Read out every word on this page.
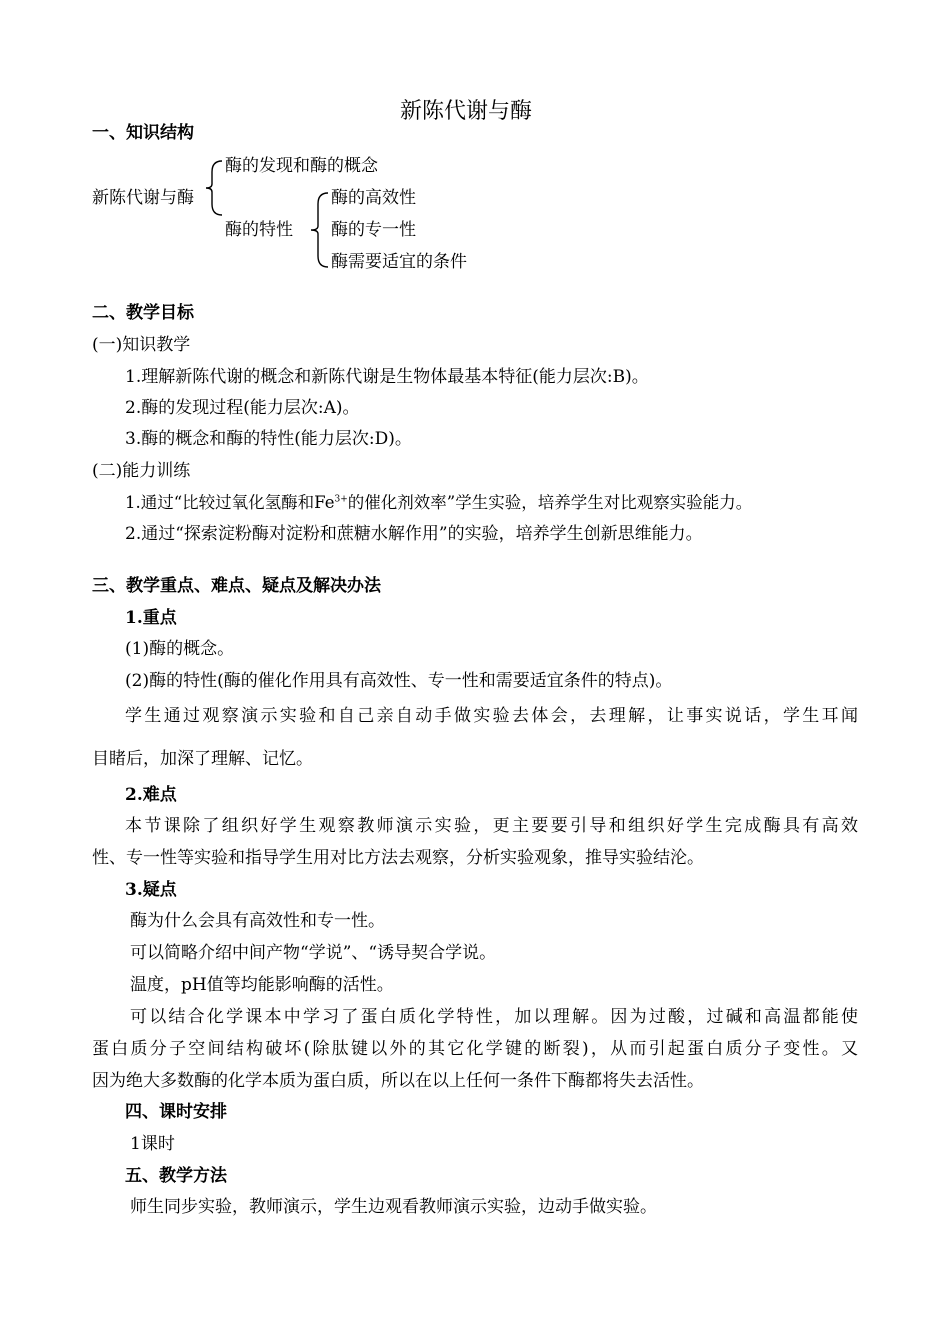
新陈代谢与酶
一、知识结构
新陈代谢与酶
酶的发现和酶的概念
酶的特性
酶的高效性
酶的专一性
酶需要适宜的条件
二、教学目标
(一)知识教学
1.理解新陈代谢的概念和新陈代谢是生物体最基本特征(能力层次:B)。
2.酶的发现过程(能力层次:A)。
3.酶的概念和酶的特性(能力层次:D)。
(二)能力训练
1.通过“比较过氧化氢酶和$Fe^{3+}$的催化剂效率”学生实验，培养学生对比观察实验能力。
2.通过“探索淀粉酶对淀粉和蔗糖水解作用”的实验，培养学生创新思维能力。
三、教学重点、难点、疑点及解决办法
1.重点
(1)酶的概念。
(2)酶的特性(酶的催化作用具有高效性、专一性和需要适宜条件的特点)。
学生通过观察演示实验和自己亲自动手做实验去体会，去理解，让事实说话，学生耳闻
目睹后，加深了理解、记忆。
2.难点
本节课除了组织好学生观察教师演示实验，更主要要引导和组织好学生完成酶具有高效
性、专一性等实验和指导学生用对比方法去观察，分析实验观象，推导实验结沦。
3.疑点
酶为什么会具有高效性和专一性。
可以简略介绍中间产物“学说”、“诱导契合学说。
温度，pH值等均能影响酶的活性。
可以结合化学课本中学习了蛋白质化学特性，加以理解。因为过酸，过碱和高温都能使
蛋白质分子空间结构破坏(除肽键以外的其它化学键的断裂)，从而引起蛋白质分子变性。又
因为绝大多数酶的化学本质为蛋白质，所以在以上任何一条件下酶都将失去活性。
四、课时安排
1课时
五、教学方法
师生同步实验，教师演示，学生边观看教师演示实验，边动手做实验。
